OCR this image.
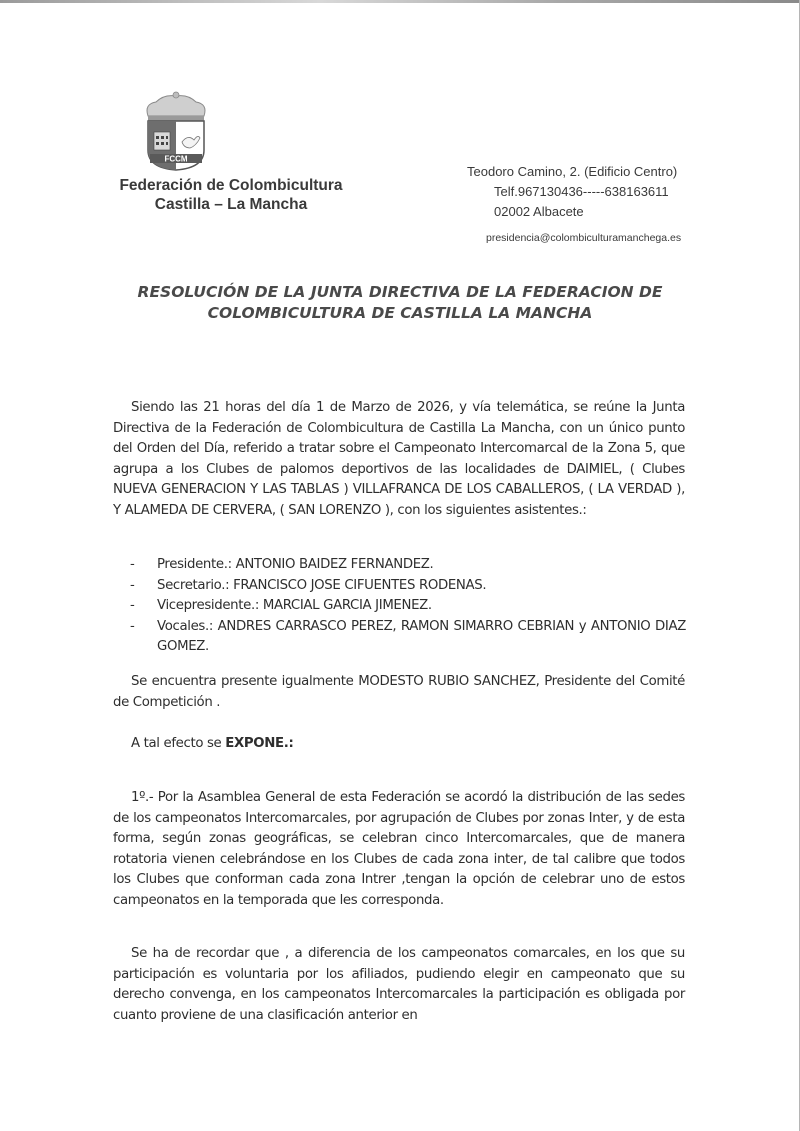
FCCM
Federación de Colombicultura
Castilla – La Mancha
Teodoro Camino, 2. (Edificio Centro)
Telf.967130436-----638163611
02002 Albacete
presidencia@colombiculturamanchega.es
RESOLUCIÓN DE LA JUNTA DIRECTIVA DE LA FEDERACION DE
COLOMBICULTURA DE CASTILLA LA MANCHA
Siendo las 21 horas del día 1 de Marzo de 2026, y vía telemática, se reúne la Junta Directiva de la Federación de Colombicultura de Castilla La Mancha, con un único punto del Orden del Día, referido a tratar sobre el Campeonato Intercomarcal de la Zona 5, que agrupa a los Clubes de palomos deportivos de las localidades de DAIMIEL, ( Clubes NUEVA GENERACION Y LAS TABLAS ) VILLAFRANCA DE LOS CABALLEROS, ( LA VERDAD ), Y ALAMEDA DE CERVERA, ( SAN LORENZO ), con los siguientes asistentes.:
- Presidente.: ANTONIO BAIDEZ FERNANDEZ.
- Secretario.: FRANCISCO JOSE CIFUENTES RODENAS.
- Vicepresidente.: MARCIAL GARCIA JIMENEZ.
- Vocales.: ANDRES CARRASCO PEREZ, RAMON SIMARRO CEBRIAN y ANTONIO DIAZ GOMEZ.
Se encuentra presente igualmente MODESTO RUBIO SANCHEZ, Presidente del Comité de Competición .
A tal efecto se EXPONE.:
1º.- Por la Asamblea General de esta Federación se acordó la distribución de las sedes de los campeonatos Intercomarcales, por agrupación de Clubes por zonas Inter, y de esta forma, según zonas geográficas, se celebran cinco Intercomarcales, que de manera rotatoria vienen celebrándose en los Clubes de cada zona inter, de tal calibre que todos los Clubes que conforman cada zona Intrer ,tengan la opción de celebrar uno de estos campeonatos en la temporada que les corresponda.
Se ha de recordar que , a diferencia de los campeonatos comarcales, en los que su participación es voluntaria por los afiliados, pudiendo elegir en campeonato que su derecho convenga, en los campeonatos Intercomarcales la participación es obligada por cuanto proviene de una clasificación anterior en
